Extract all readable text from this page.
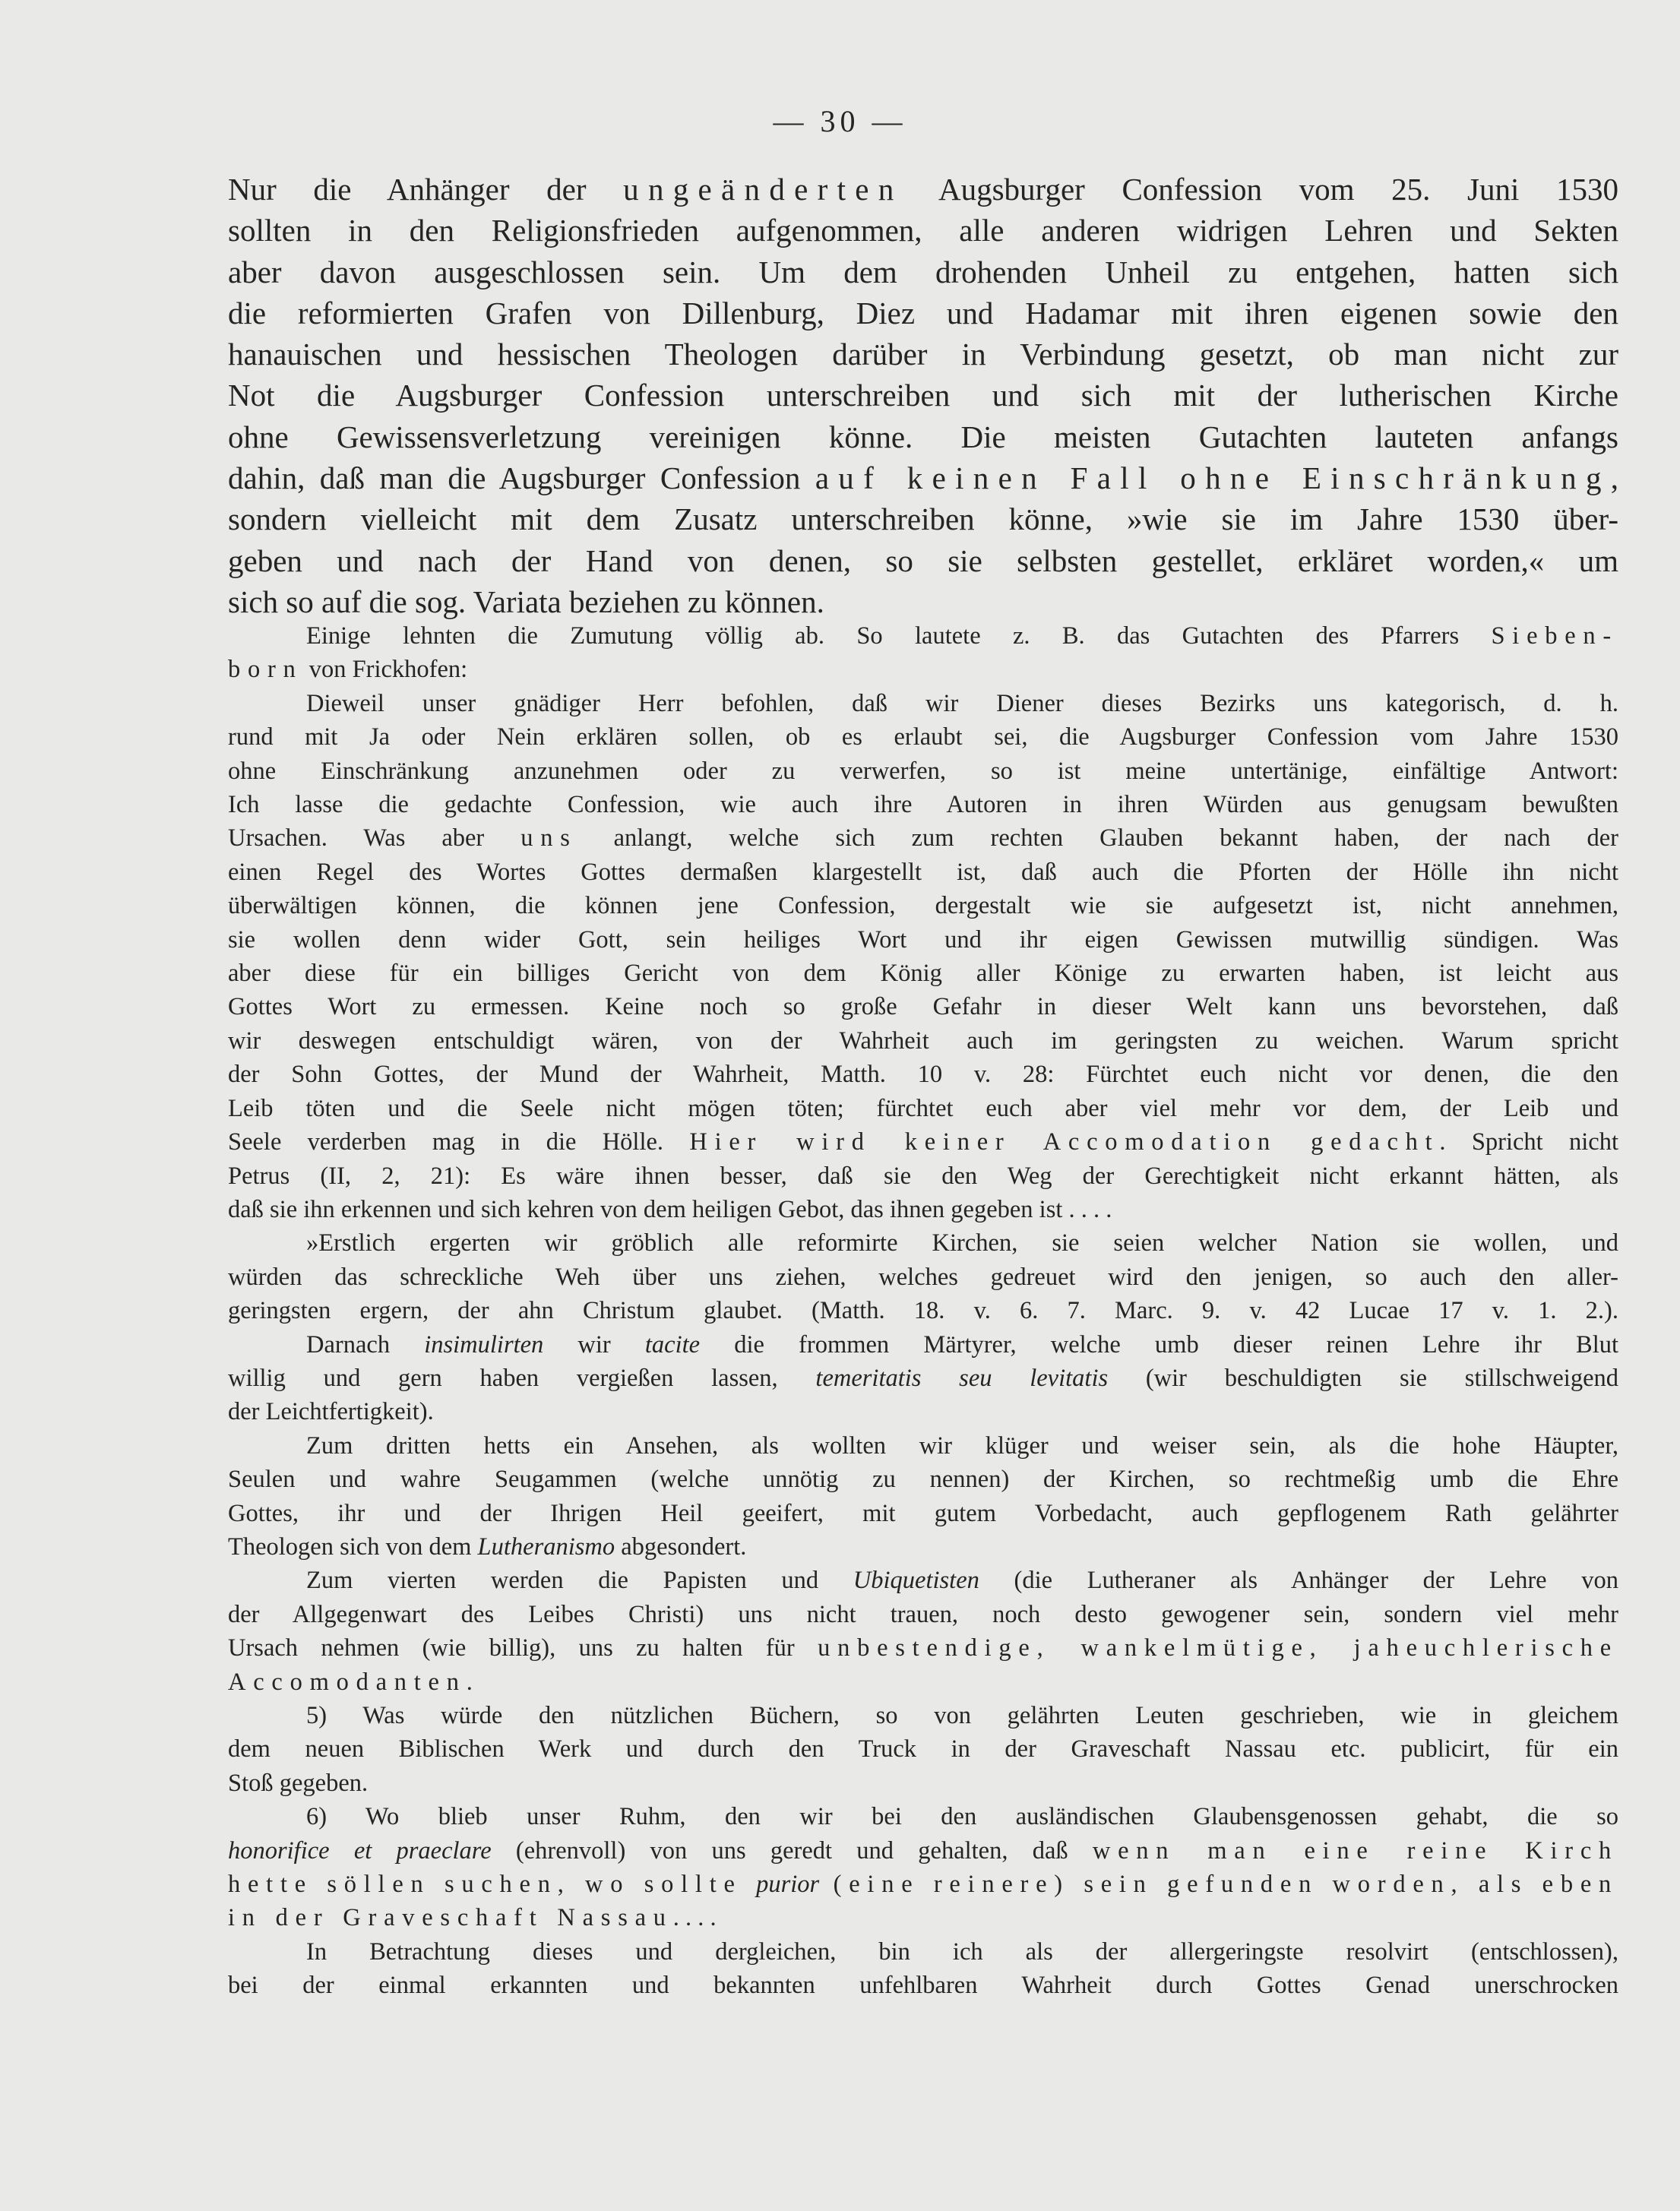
— 30 —
Nur die Anhänger der ungeänderten Augsburger Confession vom 25. Juni 1530
sollten in den Religionsfrieden aufgenommen, alle anderen widrigen Lehren und Sekten
aber davon ausgeschlossen sein. Um dem drohenden Unheil zu entgehen, hatten sich
die reformierten Grafen von Dillenburg, Diez und Hadamar mit ihren eigenen sowie den
hanauischen und hessischen Theologen darüber in Verbindung gesetzt, ob man nicht zur
Not die Augsburger Confession unterschreiben und sich mit der lutherischen Kirche
ohne Gewissensverletzung vereinigen könne. Die meisten Gutachten lauteten anfangs
dahin, daß man die Augsburger Confession auf keinen Fall ohne Einschränkung,
sondern vielleicht mit dem Zusatz unterschreiben könne, »wie sie im Jahre 1530 über-
geben und nach der Hand von denen, so sie selbsten gestellet, erkläret worden,« um
sich so auf die sog. Variata beziehen zu können.
Einige lehnten die Zumutung völlig ab. So lautete z. B. das Gutachten des Pfarrers Sieben-
born von Frickhofen:
Dieweil unser gnädiger Herr befohlen, daß wir Diener dieses Bezirks uns kategorisch, d. h.
rund mit Ja oder Nein erklären sollen, ob es erlaubt sei, die Augsburger Confession vom Jahre 1530
ohne Einschränkung anzunehmen oder zu verwerfen, so ist meine untertänige, einfältige Antwort:
Ich lasse die gedachte Confession, wie auch ihre Autoren in ihren Würden aus genugsam bewußten
Ursachen. Was aber uns anlangt, welche sich zum rechten Glauben bekannt haben, der nach der
einen Regel des Wortes Gottes dermaßen klargestellt ist, daß auch die Pforten der Hölle ihn nicht
überwältigen können, die können jene Confession, dergestalt wie sie aufgesetzt ist, nicht annehmen,
sie wollen denn wider Gott, sein heiliges Wort und ihr eigen Gewissen mutwillig sündigen. Was
aber diese für ein billiges Gericht von dem König aller Könige zu erwarten haben, ist leicht aus
Gottes Wort zu ermessen. Keine noch so große Gefahr in dieser Welt kann uns bevorstehen, daß
wir deswegen entschuldigt wären, von der Wahrheit auch im geringsten zu weichen. Warum spricht
der Sohn Gottes, der Mund der Wahrheit, Matth. 10 v. 28: Fürchtet euch nicht vor denen, die den
Leib töten und die Seele nicht mögen töten; fürchtet euch aber viel mehr vor dem, der Leib und
Seele verderben mag in die Hölle. Hier wird keiner Accomodation gedacht. Spricht nicht
Petrus (II, 2, 21): Es wäre ihnen besser, daß sie den Weg der Gerechtigkeit nicht erkannt hätten, als
daß sie ihn erkennen und sich kehren von dem heiligen Gebot, das ihnen gegeben ist . . . .
»Erstlich ergerten wir gröblich alle reformirte Kirchen, sie seien welcher Nation sie wollen, und
würden das schreckliche Weh über uns ziehen, welches gedreuet wird den jenigen, so auch den aller-
geringsten ergern, der ahn Christum glaubet. (Matth. 18. v. 6. 7. Marc. 9. v. 42 Lucae 17 v. 1. 2.).
Darnach insimulirten wir tacite die frommen Märtyrer, welche umb dieser reinen Lehre ihr Blut
willig und gern haben vergießen lassen, temeritatis seu levitatis (wir beschuldigten sie stillschweigend
der Leichtfertigkeit).
Zum dritten hetts ein Ansehen, als wollten wir klüger und weiser sein, als die hohe Häupter,
Seulen und wahre Seugammen (welche unnötig zu nennen) der Kirchen, so rechtmeßig umb die Ehre
Gottes, ihr und der Ihrigen Heil geeifert, mit gutem Vorbedacht, auch gepflogenem Rath gelährter
Theologen sich von dem Lutheranismo abgesondert.
Zum vierten werden die Papisten und Ubiquetisten (die Lutheraner als Anhänger der Lehre von
der Allgegenwart des Leibes Christi) uns nicht trauen, noch desto gewogener sein, sondern viel mehr
Ursach nehmen (wie billig), uns zu halten für unbestendige, wankelmütige, jaheuchlerische
Accomodanten.
5) Was würde den nützlichen Büchern, so von gelährten Leuten geschrieben, wie in gleichem
dem neuen Biblischen Werk und durch den Truck in der Graveschaft Nassau etc. publicirt, für ein
Stoß gegeben.
6) Wo blieb unser Ruhm, den wir bei den ausländischen Glaubensgenossen gehabt, die so
honorifice et praeclare (ehrenvoll) von uns geredt und gehalten, daß wenn man eine reine Kirch
hette söllen suchen, wo sollte purior (eine reinere) sein gefunden worden, als eben
in der Graveschaft Nassau. . . .
In Betrachtung dieses und dergleichen, bin ich als der allergeringste resolvirt (entschlossen),
bei der einmal erkannten und bekannten unfehlbaren Wahrheit durch Gottes Genad unerschrocken
